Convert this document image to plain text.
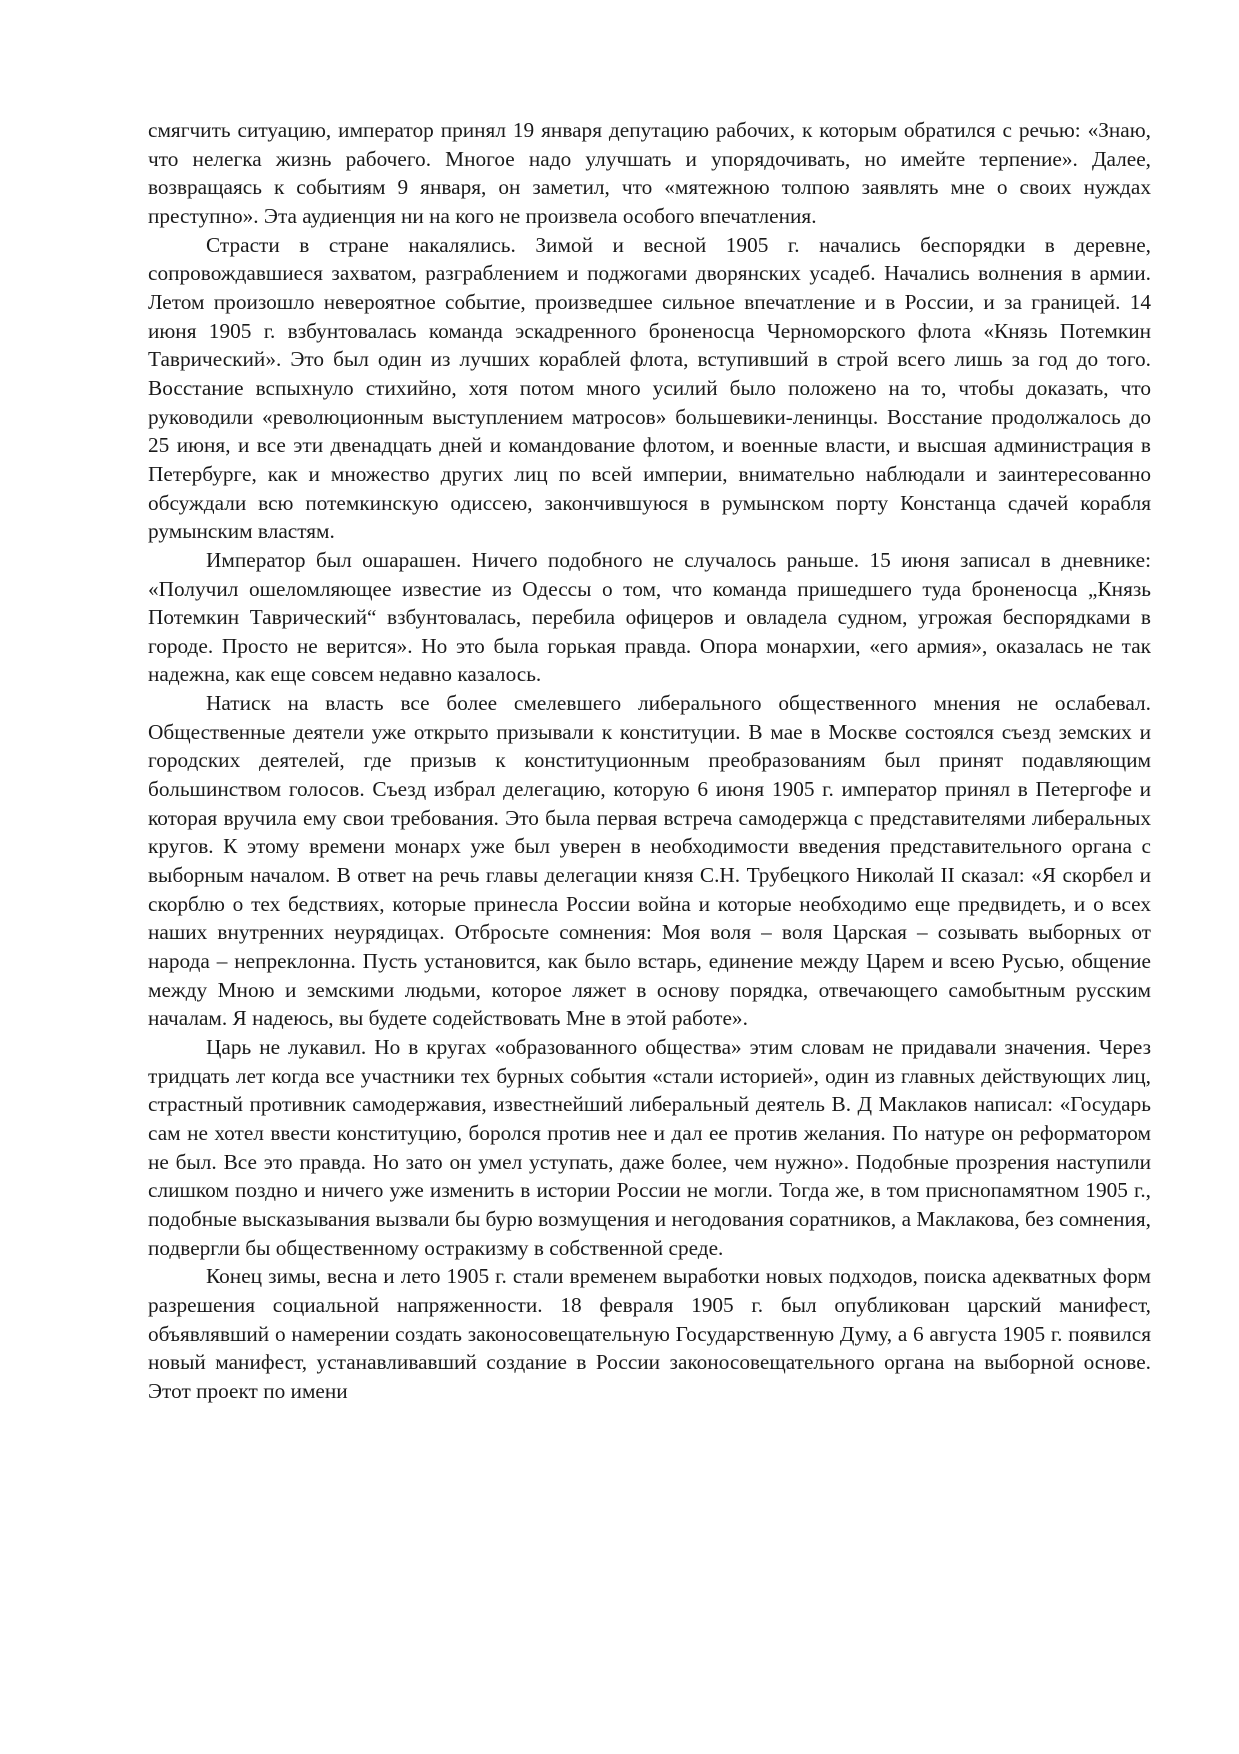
смягчить ситуацию, император принял 19 января депутацию рабочих, к которым обратился с речью: «Знаю, что нелегка жизнь рабочего. Многое надо улучшать и упорядочивать, но имейте терпение». Далее, возвращаясь к событиям 9 января, он заметил, что «мятежною толпою заявлять мне о своих нуждах преступно». Эта аудиенция ни на кого не произвела особого впечатления.

Страсти в стране накалялись. Зимой и весной 1905 г. начались беспорядки в деревне, сопровождавшиеся захватом, разграблением и поджогами дворянских усадеб. Начались волнения в армии. Летом произошло невероятное событие, произведшее сильное впечатление и в России, и за границей. 14 июня 1905 г. взбунтовалась команда эскадренного броненосца Черноморского флота «Князь Потемкин Таврический». Это был один из лучших кораблей флота, вступивший в строй всего лишь за год до того. Восстание вспыхнуло стихийно, хотя потом много усилий было положено на то, чтобы доказать, что руководили «революционным выступлением матросов» большевики-ленинцы. Восстание продолжалось до 25 июня, и все эти двенадцать дней и командование флотом, и военные власти, и высшая администрация в Петербурге, как и множество других лиц по всей империи, внимательно наблюдали и заинтересованно обсуждали всю потемкинскую одиссею, закончившуюся в румынском порту Констанца сдачей корабля румынским властям.

Император был ошарашен. Ничего подобного не случалось раньше. 15 июня записал в дневнике: «Получил ошеломляющее известие из Одессы о том, что команда пришедшего туда броненосца „Князь Потемкин Таврический“ взбунтовалась, перебила офицеров и овладела судном, угрожая беспорядками в городе. Просто не верится». Но это была горькая правда. Опора монархии, «его армия», оказалась не так надежна, как еще совсем недавно казалось.

Натиск на власть все более смелевшего либерального общественного мнения не ослабевал. Общественные деятели уже открыто призывали к конституции. В мае в Москве состоялся съезд земских и городских деятелей, где призыв к конституционным преобразованиям был принят подавляющим большинством голосов. Съезд избрал делегацию, которую 6 июня 1905 г. император принял в Петергофе и которая вручила ему свои требования. Это была первая встреча самодержца с представителями либеральных кругов. К этому времени монарх уже был уверен в необходимости введения представительного органа с выборным началом. В ответ на речь главы делегации князя С.Н. Трубецкого Николай II сказал: «Я скорбел и скорблю о тех бедствиях, которые принесла России война и которые необходимо еще предвидеть, и о всех наших внутренних неурядицах. Отбросьте сомнения: Моя воля – воля Царская – созывать выборных от народа – непреклонна. Пусть установится, как было встарь, единение между Царем и всею Русью, общение между Мною и земскими людьми, которое ляжет в основу порядка, отвечающего самобытным русским началам. Я надеюсь, вы будете содействовать Мне в этой работе».

Царь не лукавил. Но в кругах «образованного общества» этим словам не придавали значения. Через тридцать лет когда все участники тех бурных события «стали историей», один из главных действующих лиц, страстный противник самодержавия, известнейший либеральный деятель В. Д Маклаков написал: «Государь сам не хотел ввести конституцию, боролся против нее и дал ее против желания. По натуре он реформатором не был. Все это правда. Но зато он умел уступать, даже более, чем нужно». Подобные прозрения наступили слишком поздно и ничего уже изменить в истории России не могли. Тогда же, в том приснопамятном 1905 г., подобные высказывания вызвали бы бурю возмущения и негодования соратников, а Маклакова, без сомнения, подвергли бы общественному остракизму в собственной среде.

Конец зимы, весна и лето 1905 г. стали временем выработки новых подходов, поиска адекватных форм разрешения социальной напряженности. 18 февраля 1905 г. был опубликован царский манифест, объявлявший о намерении создать законосовещательную Государственную Думу, а 6 августа 1905 г. появился новый манифест, устанавливавший создание в России законосовещательного органа на выборной основе. Этот проект по имени
